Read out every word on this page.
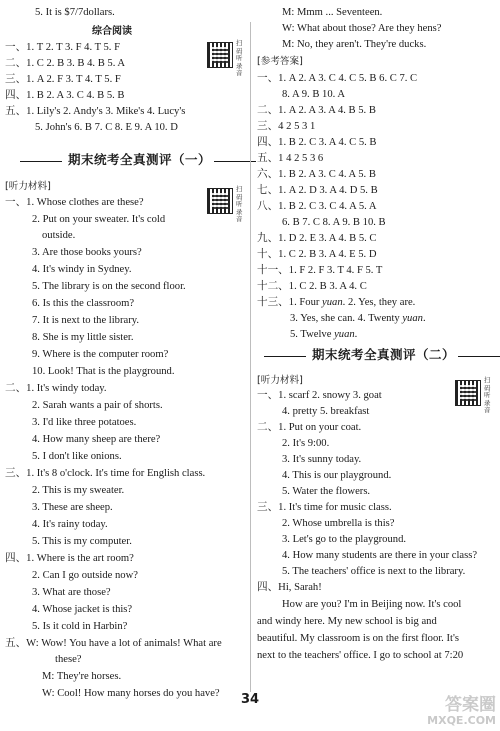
5. It is $7/7dollars.
综合阅读
一、1. T 2. T 3. F 4. T 5. F
二、1. C 2. B 3. B 4. B 5. A
三、1. A 2. F 3. T 4. T 5. F
四、1. B 2. A 3. C 4. B 5. B
五、1. Lily's 2. Andy's 3. Mike's 4. Lucy's
5. John's 6. B 7. C 8. E 9. A 10. D
[听力材料]
一、1. Whose clothes are these?
2. Put on your sweater. It's cold
outside.
3. Are those books yours?
4. It's windy in Sydney.
5. The library is on the second floor.
6. Is this the classroom?
7. It is next to the library.
8. She is my little sister.
9. Where is the computer room?
10. Look! That is the playground.
二、1. It's windy today.
2. Sarah wants a pair of shorts.
3. I'd like three potatoes.
4. How many sheep are there?
5. I don't like onions.
三、1. It's 8 o'clock. It's time for English class.
2. This is my sweater.
3. These are sheep.
4. It's rainy today.
5. This is my computer.
四、1. Where is the art room?
2. Can I go outside now?
3. What are those?
4. Whose jacket is this?
5. Is it cold in Harbin?
五、W: Wow! You have a lot of animals! What are
these?
M: They're horses.
W: Cool! How many horses do you have?
期末统考全真测评（一）
M: Mmm ... Seventeen.
W: What about those? Are they hens?
M: No, they aren't. They're ducks.
[参考答案]
一、1. A 2. A 3. C 4. C 5. B 6. C 7. C
8. A 9. B 10. A
二、1. A 2. A 3. A 4. B 5. B
三、4 2 5 3 1
四、1. B 2. C 3. A 4. C 5. B
五、1 4 2 5 3 6
六、1. B 2. A 3. C 4. A 5. B
七、1. A 2. D 3. A 4. D 5. B
八、1. B 2. C 3. C 4. A 5. A
6. B 7. C 8. A 9. B 10. B
九、1. D 2. E 3. A 4. B 5. C
十、1. C 2. B 3. A 4. E 5. D
十一、1. F 2. F 3. T 4. F 5. T
十二、1. C 2. B 3. A 4. C
十三、1. Four yuan. 2. Yes, they are.
3. Yes, she can. 4. Twenty yuan.
5. Twelve yuan.
[听力材料]
一、1. scarf 2. snowy 3. goat
4. pretty 5. breakfast
二、1. Put on your coat.
2. It's 9:00.
3. It's sunny today.
4. This is our playground.
5. Water the flowers.
三、1. It's time for music class.
2. Whose umbrella is this?
3. Let's go to the playground.
4. How many students are there in your class?
5. The teachers' office is next to the library.
四、Hi, Sarah!
How are you? I'm in Beijing now. It's cool
and windy here. My new school is big and
beautiful. My classroom is on the first floor. It's
next to the teachers' office. I go to school at 7:20
期末统考全真测评（二）
扫码听录音
扫码听录音
扫码听录音
34	答案圈
MXQE.COM
